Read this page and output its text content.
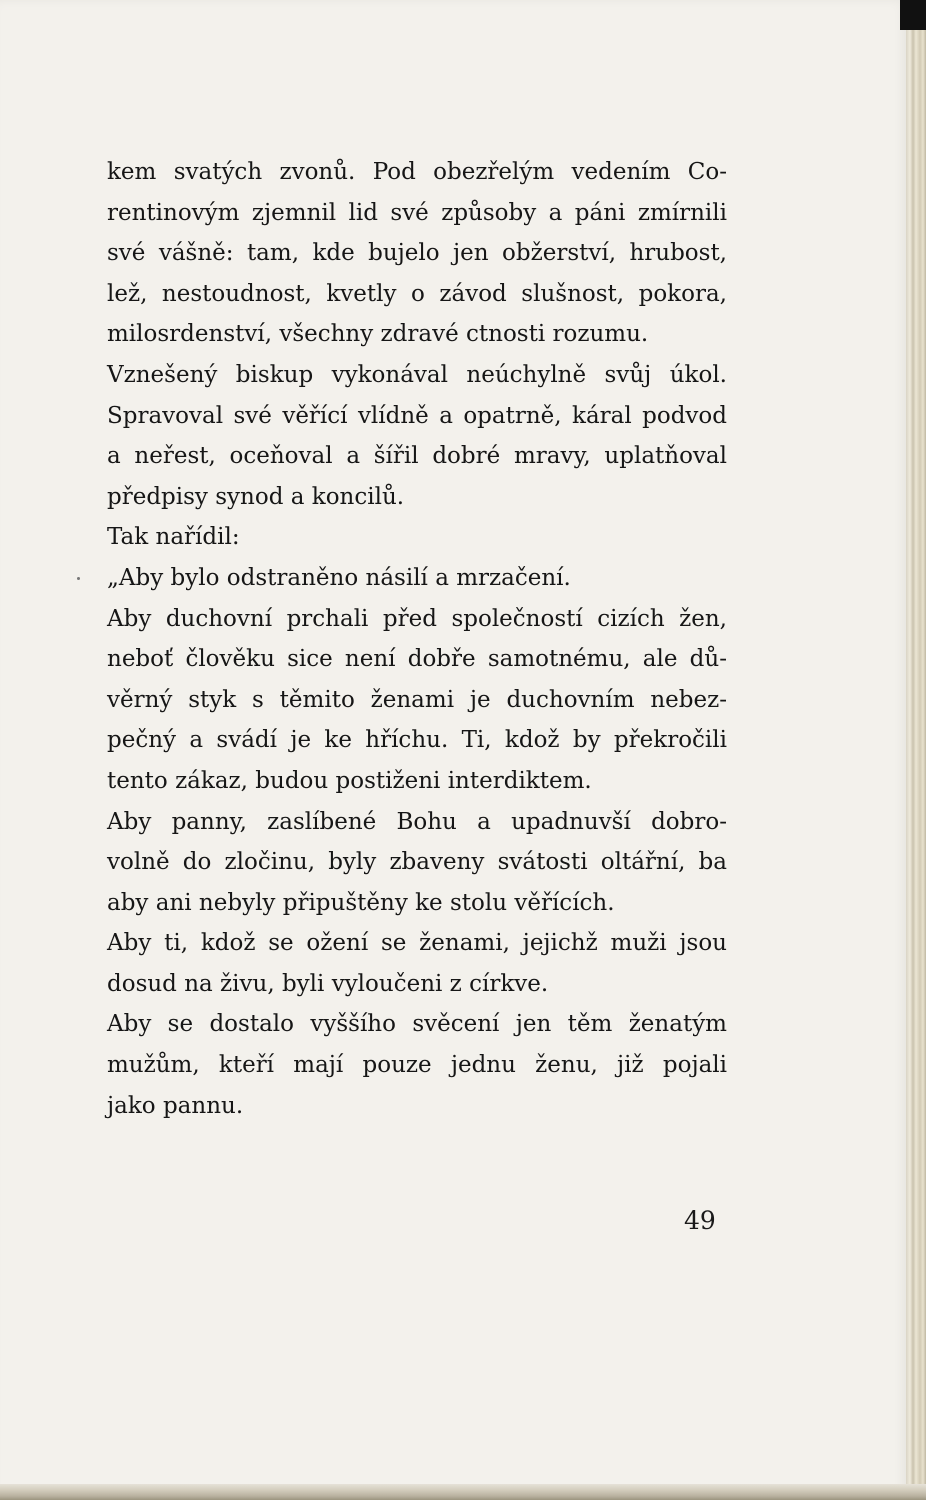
kem svatých zvonů. Pod obezřelým vedením Co-
rentinovým zjemnil lid své způsoby a páni zmírnili
své vášně: tam, kde bujelo jen obžerství, hrubost,
lež, nestoudnost, kvetly o závod slušnost, pokora,
milosrdenství, všechny zdravé ctnosti rozumu.
Vznešený biskup vykonával neúchylně svůj úkol.
Spravoval své věřící vlídně a opatrně, káral podvod
a neřest, oceňoval a šířil dobré mravy, uplatňoval
předpisy synod a koncilů.
Tak nařídil:
„Aby bylo odstraněno násilí a mrzačení.
Aby duchovní prchali před společností cizích žen,
neboť člověku sice není dobře samotnému, ale dů-
věrný styk s těmito ženami je duchovním nebez-
pečný a svádí je ke hříchu. Ti, kdož by překročili
tento zákaz, budou postiženi interdiktem.
Aby panny, zaslíbené Bohu a upadnuvší dobro-
volně do zločinu, byly zbaveny svátosti oltářní, ba
aby ani nebyly připuštěny ke stolu věřících.
Aby ti, kdož se ožení se ženami, jejichž muži jsou
dosud na živu, byli vyloučeni z církve.
Aby se dostalo vyššího svěcení jen těm ženatým
mužům, kteří mají pouze jednu ženu, již pojali
jako pannu.
49
